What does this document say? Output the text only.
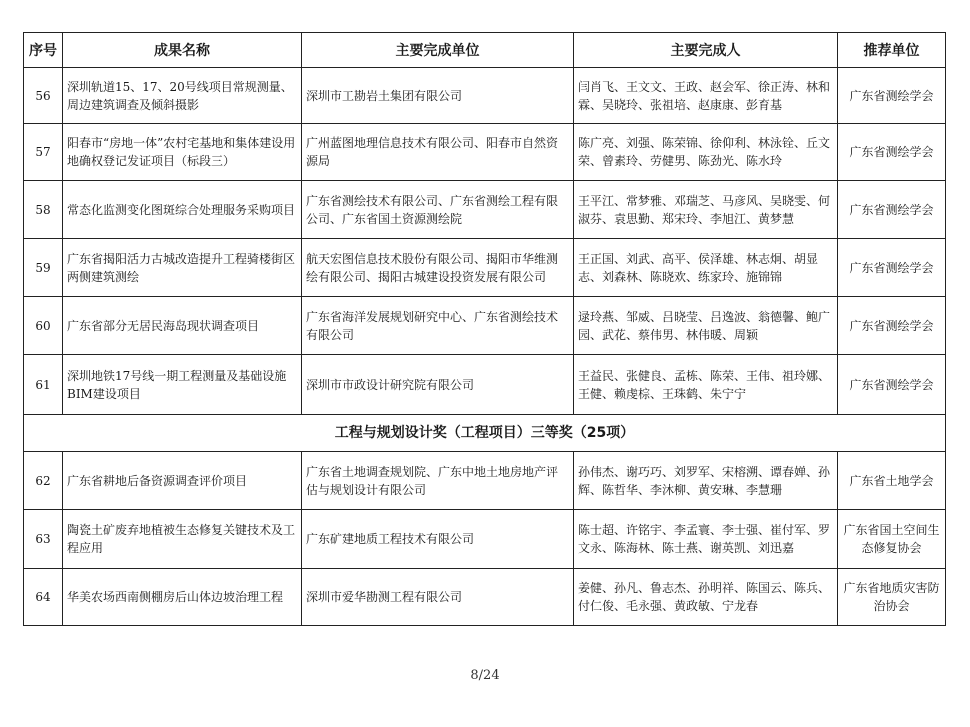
序号	成果名称	主要完成单位	主要完成人	推荐单位
56	深圳轨道15、17、20号线项目常规测量、周边建筑调查及倾斜摄影	深圳市工勘岩土集团有限公司	闫肖飞、王文文、王政、赵会军、徐正涛、林和霖、吴晓玲、张祖培、赵康康、彭育基	广东省测绘学会
57	阳春市“房地一体”农村宅基地和集体建设用地确权登记发证项目（标段三）	广州蓝图地理信息技术有限公司、阳春市自然资源局	陈广亮、刘强、陈荣锦、徐仰利、林泳铨、丘文荣、曾素玲、劳健男、陈劲光、陈水玲	广东省测绘学会
58	常态化监测变化图斑综合处理服务采购项目	广东省测绘技术有限公司、广东省测绘工程有限公司、广东省国土资源测绘院	王平江、常梦雅、邓瑞芝、马彦风、吴晓雯、何淑芬、袁思勤、郑宋玲、李旭江、黄梦慧	广东省测绘学会
59	广东省揭阳活力古城改造提升工程骑楼街区两侧建筑测绘	航天宏图信息技术股份有限公司、揭阳市华维测绘有限公司、揭阳古城建设投资发展有限公司	王正国、刘武、高平、侯泽雄、林志炯、胡显志、刘森林、陈晓欢、练家玲、施锦锦	广东省测绘学会
60	广东省部分无居民海岛现状调查项目	广东省海洋发展规划研究中心、广东省测绘技术有限公司	逯玲燕、邹威、吕晓莹、吕逸波、翁德馨、鲍广园、武花、蔡伟男、林伟暖、周颖	广东省测绘学会
61	深圳地铁17号线一期工程测量及基础设施BIM建设项目	深圳市市政设计研究院有限公司	王益民、张健良、孟栋、陈荣、王伟、祖玲娜、王健、赖虔棕、王珠鹤、朱宁宁	广东省测绘学会
工程与规划设计奖（工程项目）三等奖（25项）				
62	广东省耕地后备资源调查评价项目	广东省土地调查规划院、广东中地土地房地产评估与规划设计有限公司	孙伟杰、谢巧巧、刘罗军、宋榕溯、谭春婵、孙辉、陈哲华、李沐柳、黄安琳、李慧珊	广东省土地学会
63	陶瓷土矿废弃地植被生态修复关键技术及工程应用	广东矿建地质工程技术有限公司	陈士超、许铭宇、李孟寰、李士强、崔付军、罗文永、陈海林、陈士燕、谢英凯、刘迅嘉	广东省国土空间生态修复协会
64	华美农场西南侧棚房后山体边坡治理工程	深圳市爱华勘测工程有限公司	姜健、孙凡、鲁志杰、孙明祥、陈国云、陈兵、付仁俊、毛永强、黄政敏、宁龙春	广东省地质灾害防治协会
8/24
